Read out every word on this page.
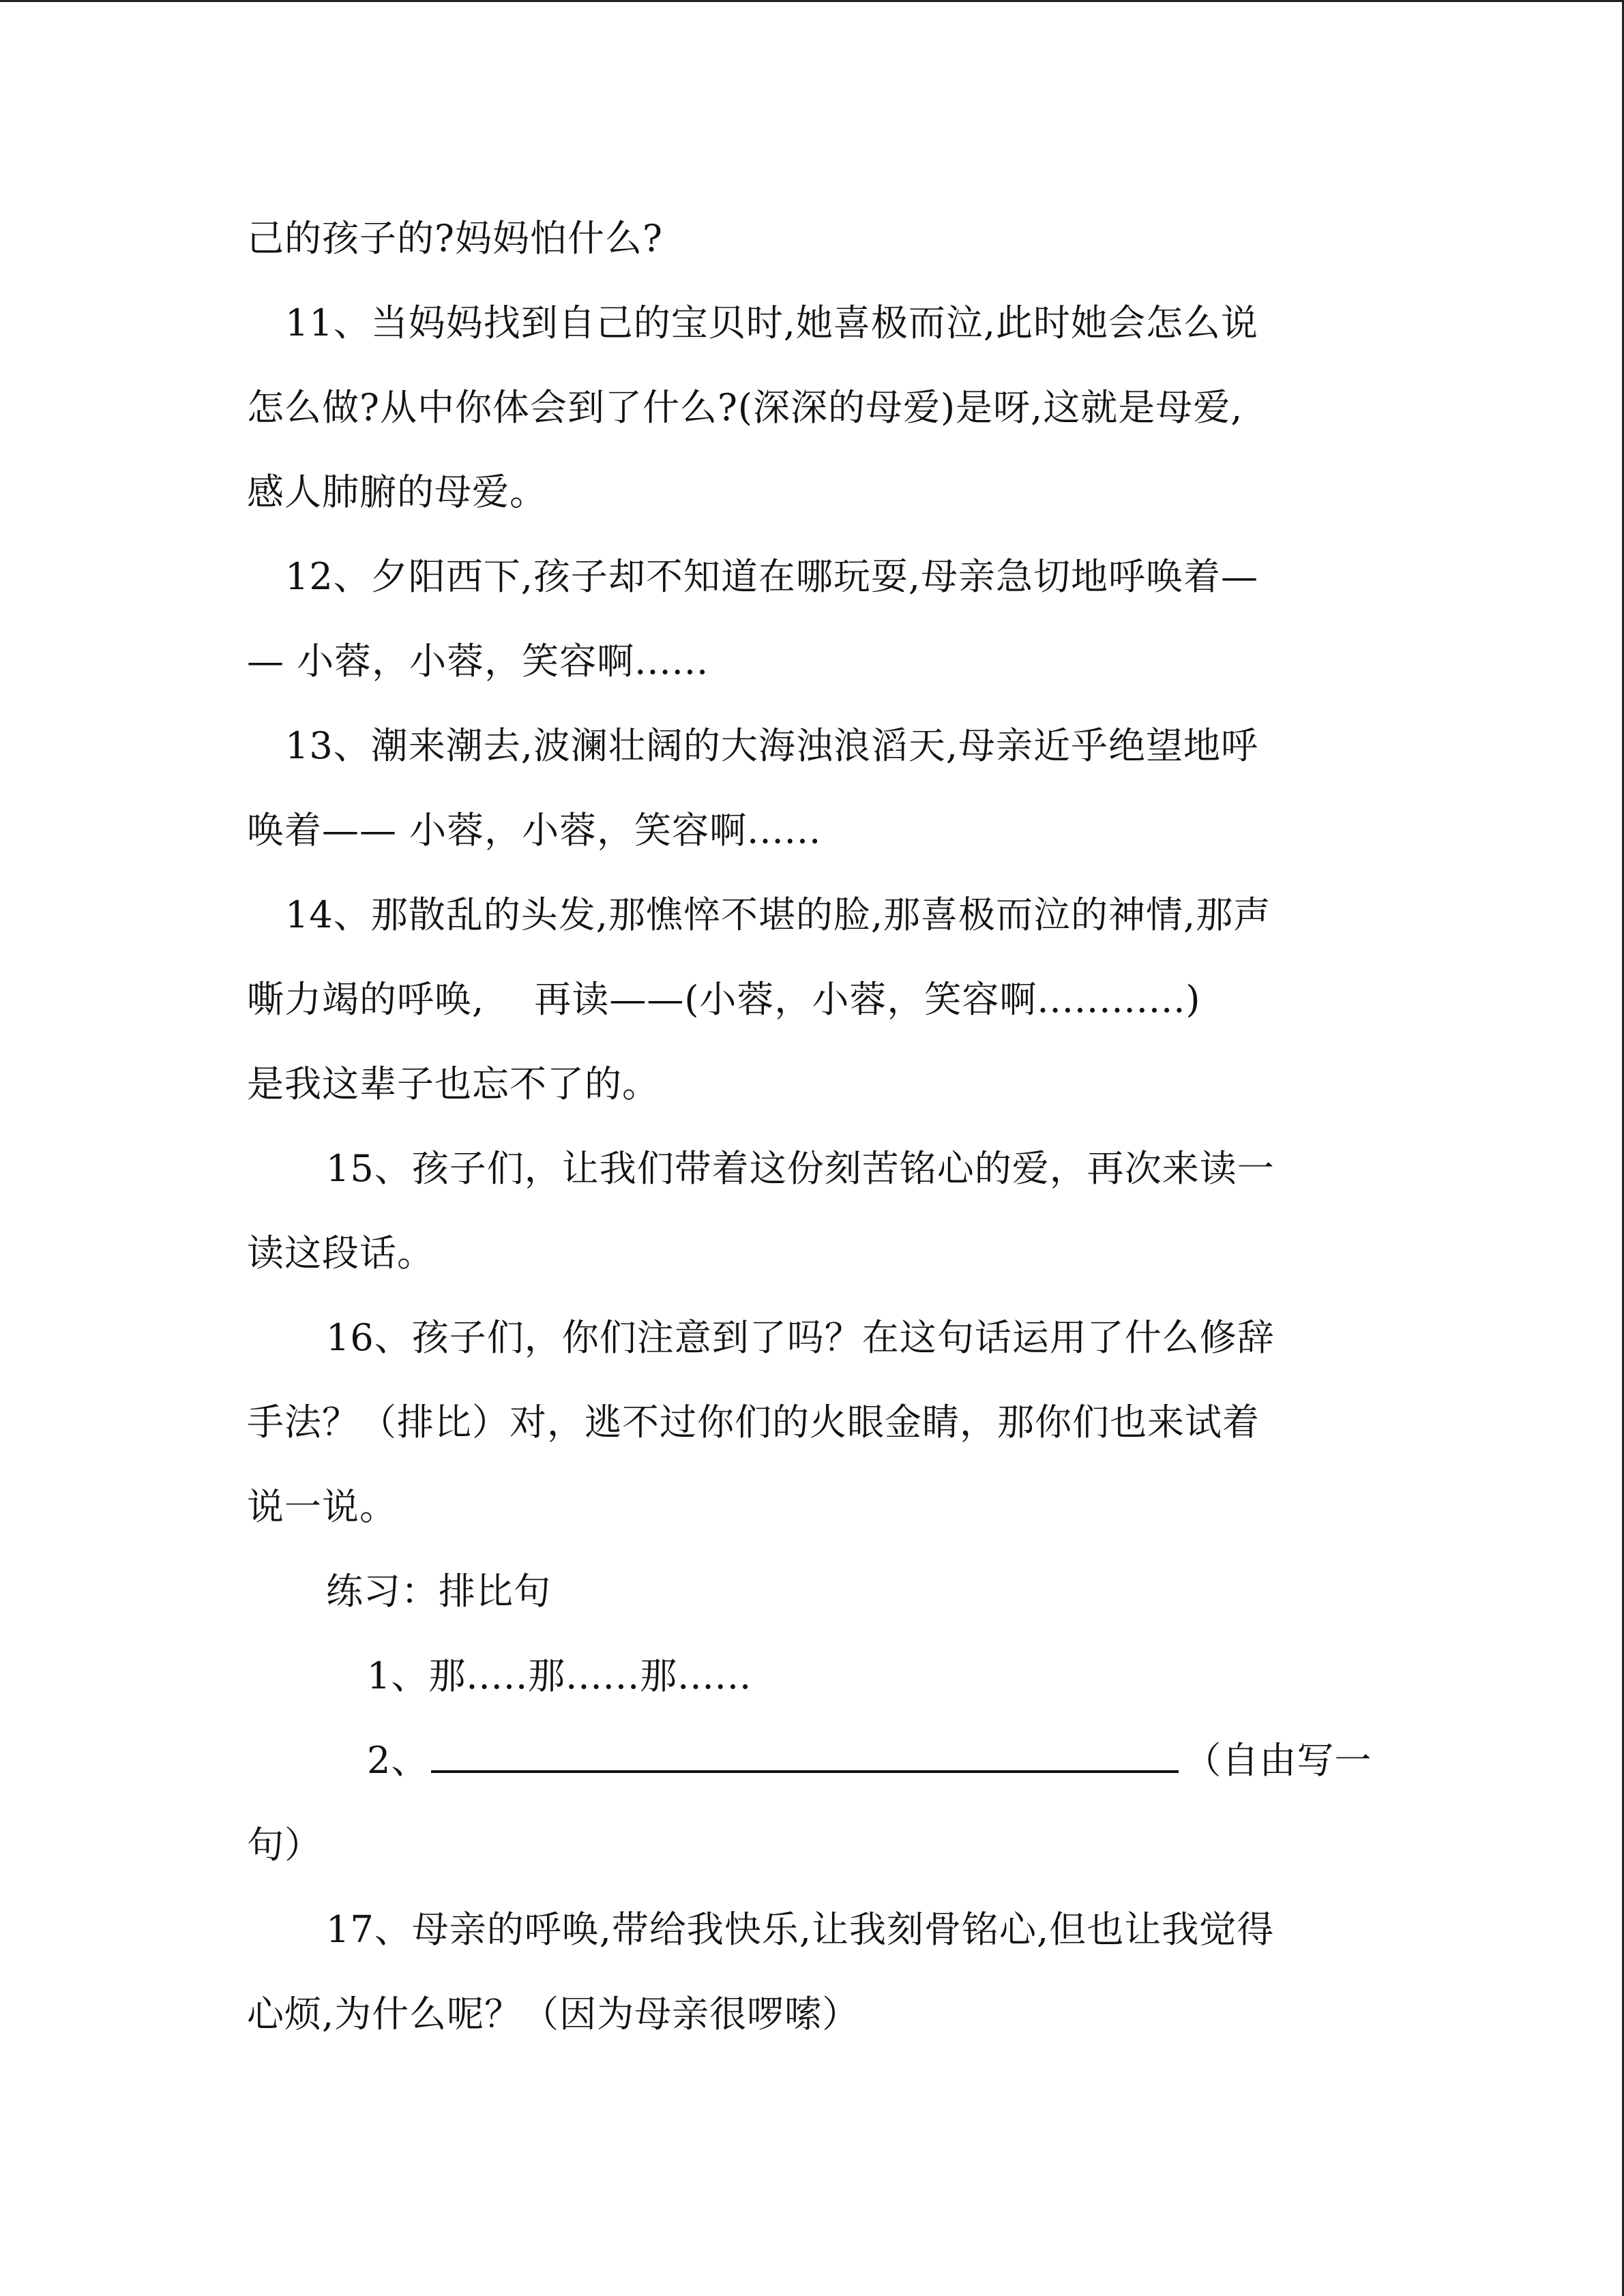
己的孩子的?妈妈怕什么?
11、当妈妈找到自己的宝贝时,她喜极而泣,此时她会怎么说
怎么做?从中你体会到了什么?(深深的母爱)是呀,这就是母爱,
感人肺腑的母爱。
12、夕阳西下,孩子却不知道在哪玩耍,母亲急切地呼唤着—
— 小蓉，小蓉，笑容啊......
13、潮来潮去,波澜壮阔的大海浊浪滔天,母亲近乎绝望地呼
唤着—— 小蓉，小蓉，笑容啊......
14、那散乱的头发,那憔悴不堪的脸,那喜极而泣的神情,那声
嘶力竭的呼唤,　 再读——(小蓉，小蓉，笑容啊............)
是我这辈子也忘不了的。
15、孩子们，让我们带着这份刻苦铭心的爱，再次来读一
读这段话。
16、孩子们，你们注意到了吗？在这句话运用了什么修辞
手法？（排比）对，逃不过你们的火眼金睛，那你们也来试着
说一说。
练习：排比句
1、那.....那......那......
2、	（自由写一
句）
17、母亲的呼唤,带给我快乐,让我刻骨铭心,但也让我觉得
心烦,为什么呢？（因为母亲很啰嗦）
